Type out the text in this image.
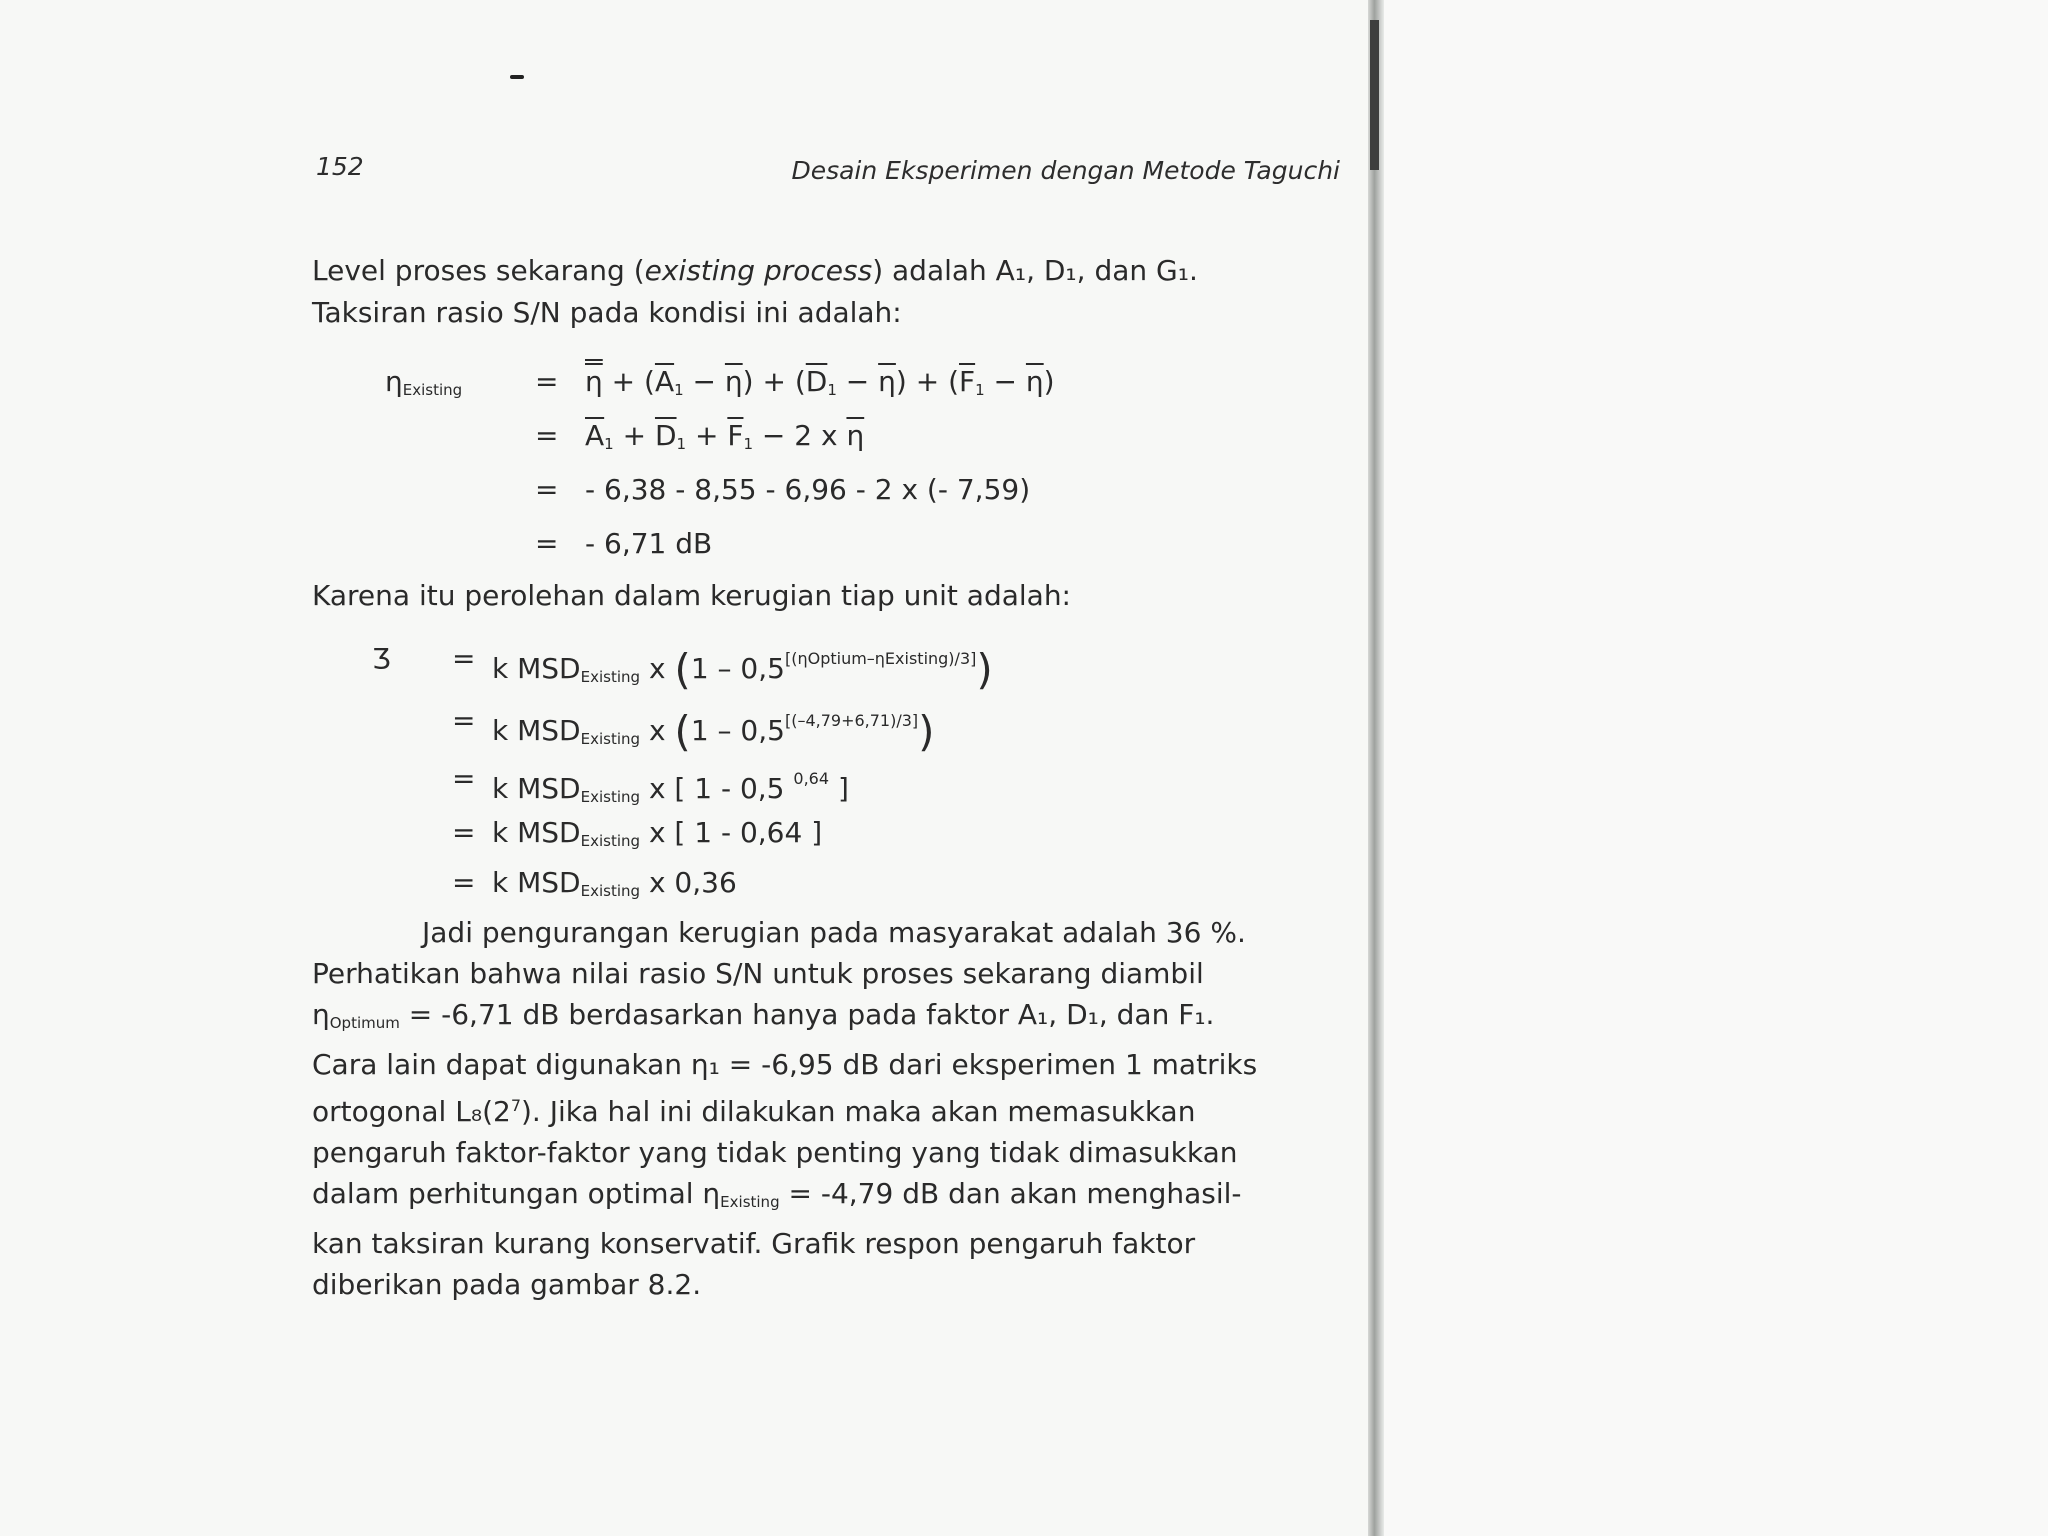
152	Desain Eksperimen dengan Metode Taguchi

Level proses sekarang (existing process) adalah A₁, D₁, dan G₁.
Taksiran rasio S/N pada kondisi ini adalah:

$\eta_{Existing}$	= $\eta + (\overline{A}_1 - \overline{\eta}) + (\overline{D}_1 - \overline{\eta}) + (\overline{F}_1 - \overline{\eta})$
= $\overline{A}_1 + \overline{D}_1 + \overline{F}_1 - 2$ x $\overline{\eta}$
= - 6,38 - 8,55 - 6,96 - 2 x (- 7,59)
= - 6,71 dB

Karena itu perolehan dalam kerugian tiap unit adalah:

Ʒ = k $MSD_{Existing}$ x (1 – 0,5[(ηOptium–ηExisting)/3])
= k $MSD_{Existing}$ x (1 – 0,5[(–4,79+6,71)/3])
= k $MSD_{Existing}$ x [ 1 - 0,5 $^{0,64}$ ]
= k $MSD_{Existing}$ x [ 1 - 0,64 ]
= k $MSD_{Existing}$ x 0,36
Jadi pengurangan kerugian pada masyarakat adalah 36 %.
Perhatikan bahwa nilai rasio S/N untuk proses sekarang diambil
$\eta_{Optimum} = -6,71$ dB berdasarkan hanya pada faktor A₁, D₁, dan F₁.
Cara lain dapat digunakan η₁ = -6,95 dB dari eksperimen 1 matriks
ortogonal $L_8(2^7)$. Jika hal ini dilakukan maka akan memasukkan
pengaruh faktor-faktor yang tidak penting yang tidak dimasukkan
dalam perhitungan optimal $\eta_{Existing} = -4,79$ dB dan akan menghasil-
kan taksiran kurang konservatif. Grafik respon pengaruh faktor
diberikan pada gambar 8.2.
